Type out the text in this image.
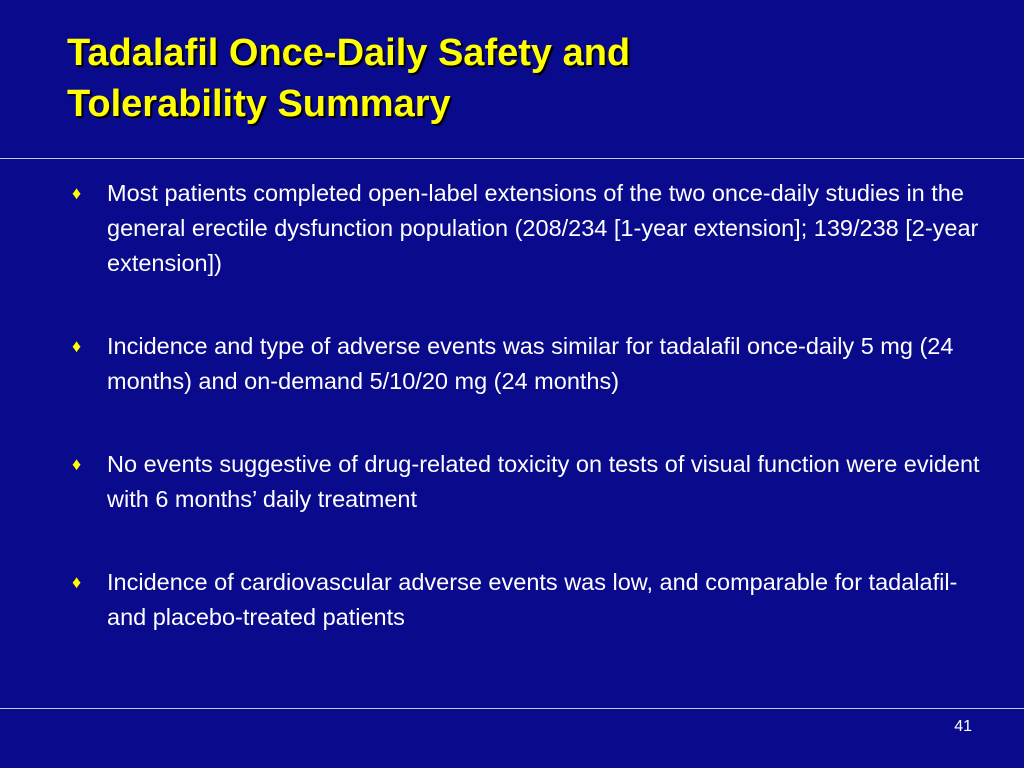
Tadalafil Once-Daily Safety and
Tolerability Summary
♦ Most patients completed open-label extensions of the two once-daily studies in the general erectile dysfunction population (208/234 [1-year extension]; 139/238 [2-year extension])
♦ Incidence and type of adverse events was similar for tadalafil once-daily 5 mg (24 months) and on-demand 5/10/20 mg (24 months)
♦ No events suggestive of drug-related toxicity on tests of visual function were evident with 6 months’ daily treatment
♦ Incidence of cardiovascular adverse events was low, and comparable for tadalafil- and placebo-treated patients
41
